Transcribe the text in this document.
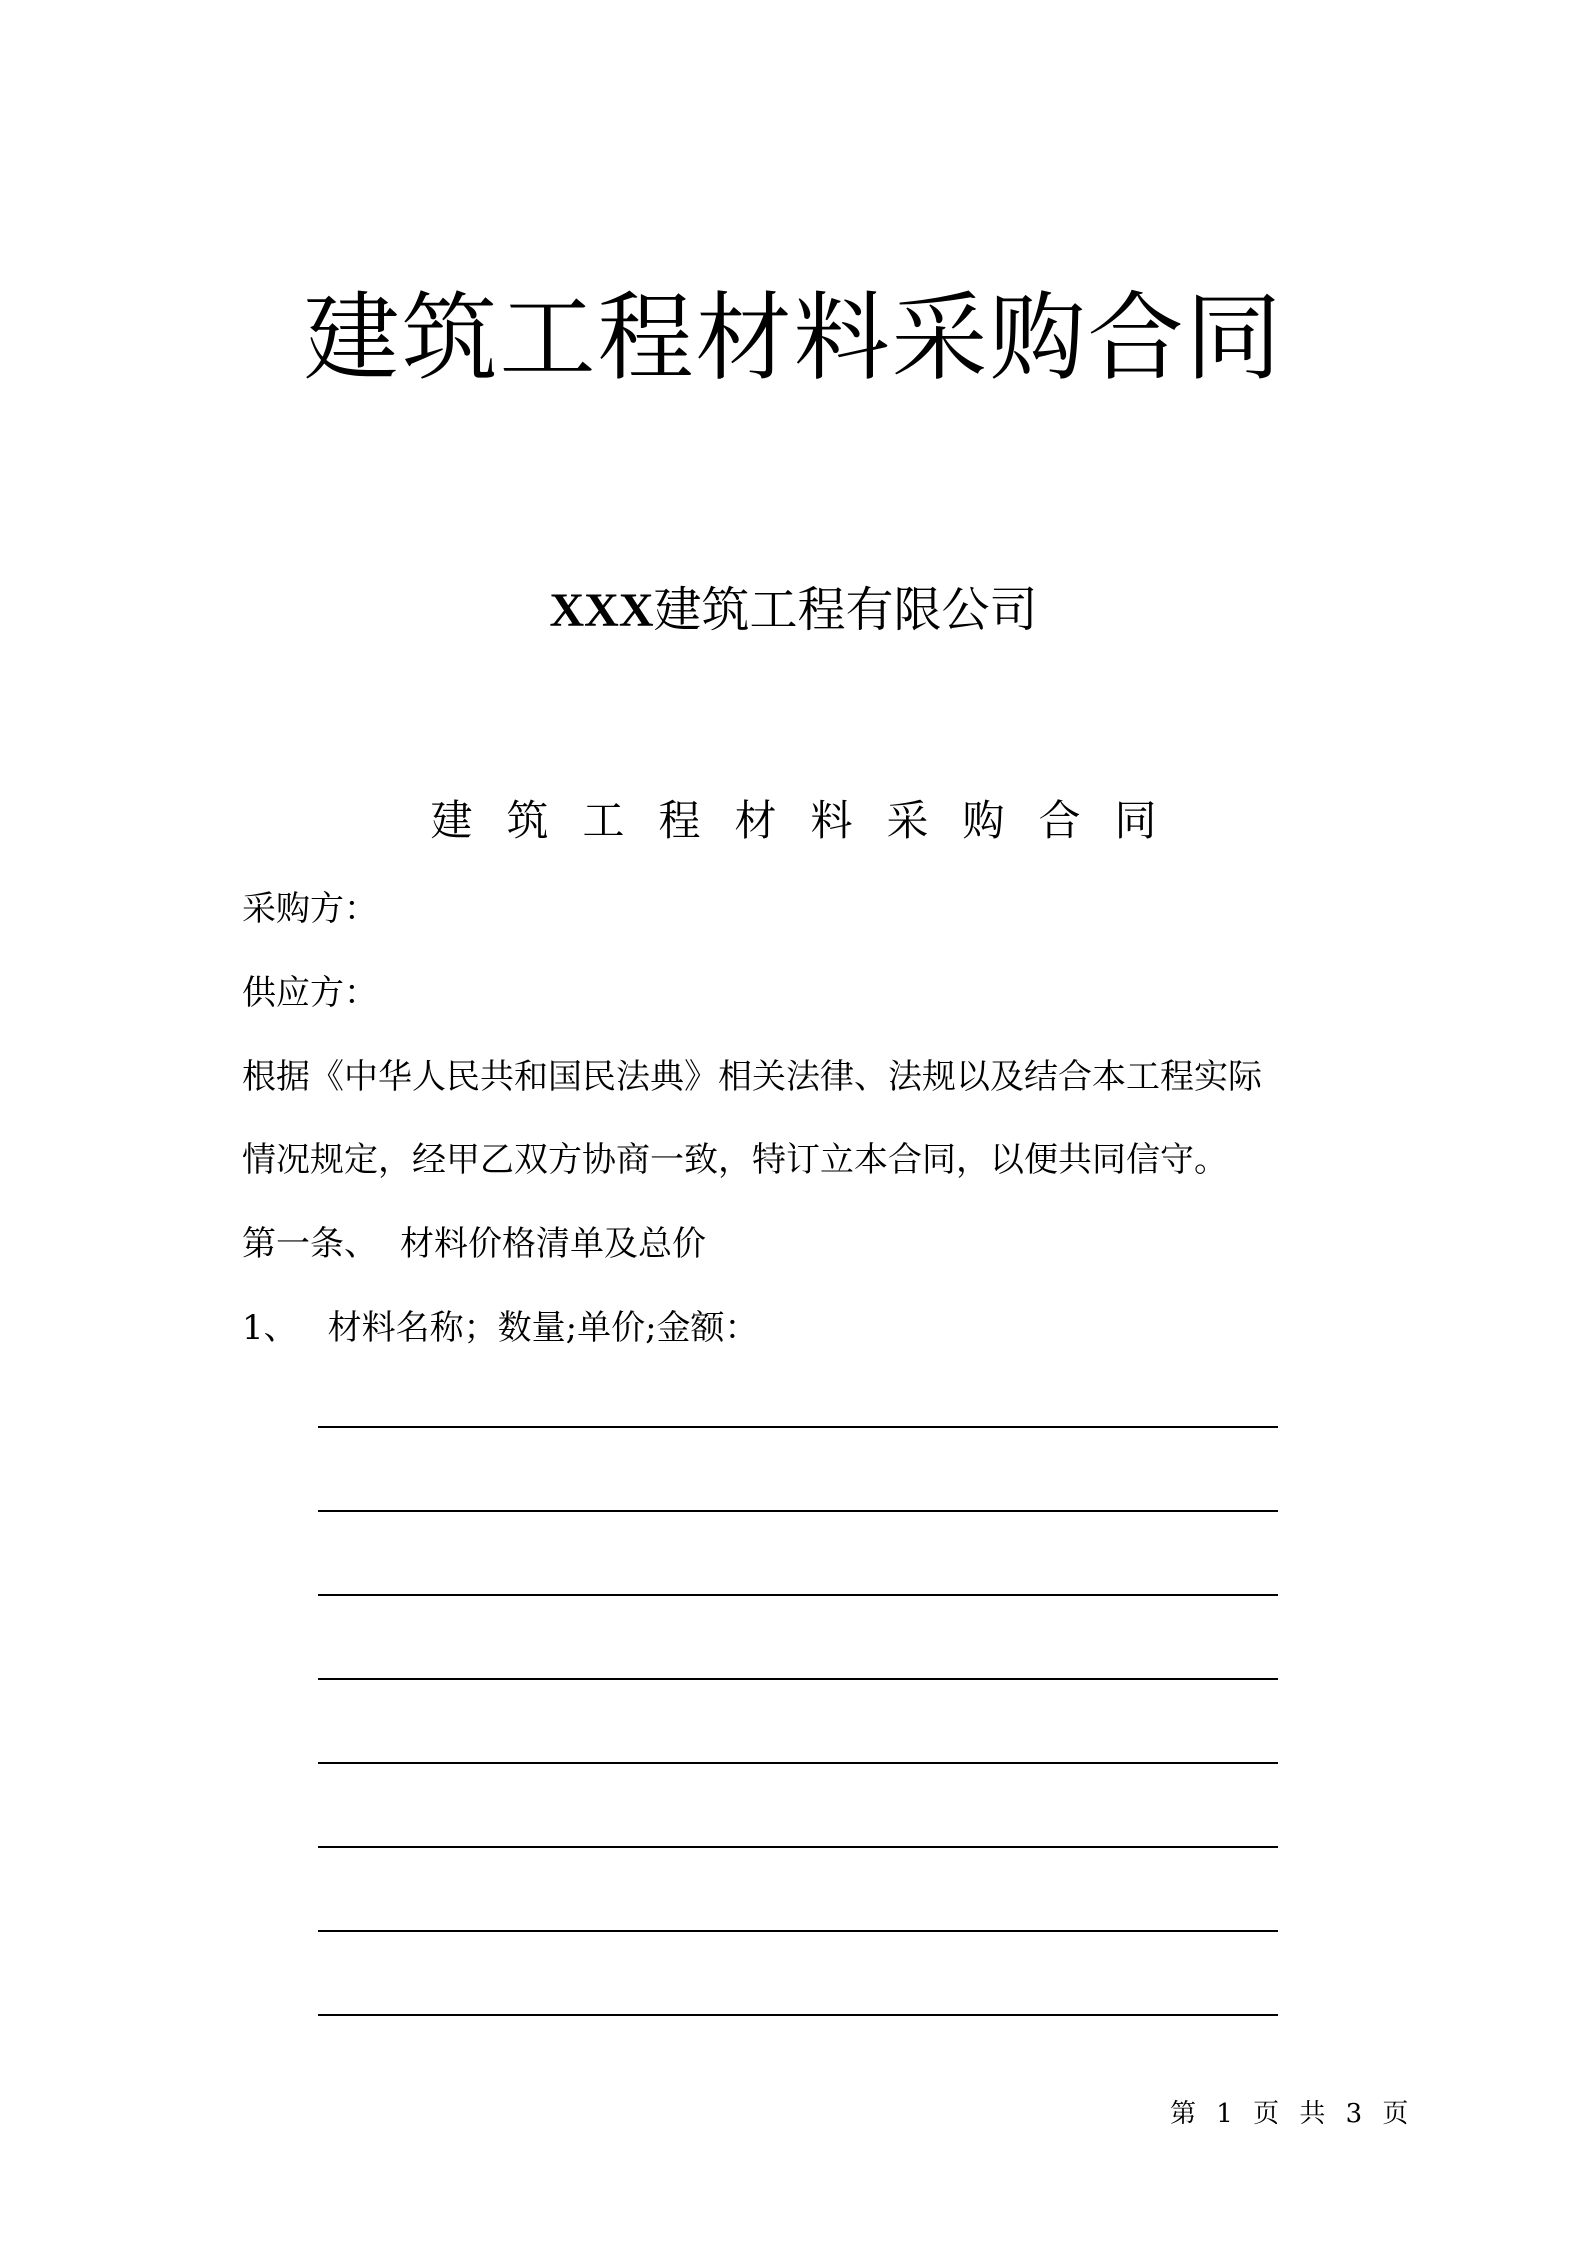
建筑工程材料采购合同
XXX建筑工程有限公司
建筑工程材料采购合同
采购方：
供应方：
根据《中华人民共和国民法典》相关法律、法规以及结合本工程实际
情况规定，经甲乙双方协商一致，特订立本合同，以便共同信守。
第一条、 材料价格清单及总价
1、 材料名称；数量;单价;金额：
第 1 页 共 3 页
